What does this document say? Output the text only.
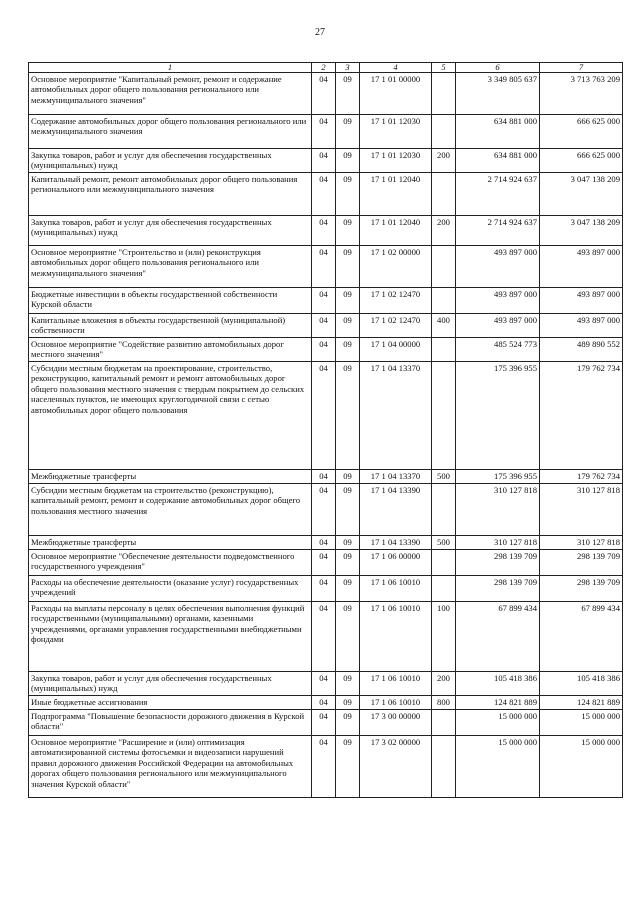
27
1	2	3	4	5	6	7
Основное мероприятие "Капитальный ремонт, ремонт и содержание автомобильных дорог общего пользования регионального или межмуниципального значения"	04	09	17 1 01 00000		3 349 805 637	3 713 763 209
Содержание автомобильных дорог общего пользования регионального или межмуниципального значения	04	09	17 1 01 12030		634 881 000	666 625 000
Закупка товаров, работ и услуг для обеспечения государственных (муниципальных) нужд	04	09	17 1 01 12030	200	634 881 000	666 625 000
Капитальный ремонт, ремонт автомобильных дорог общего пользования регионального или межмуниципального значения	04	09	17 1 01 12040		2 714 924 637	3 047 138 209
Закупка товаров, работ и услуг для обеспечения государственных (муниципальных) нужд	04	09	17 1 01 12040	200	2 714 924 637	3 047 138 209
Основное мероприятие "Строительство и (или) реконструкция автомобильных дорог общего пользования регионального или межмуниципального значения"	04	09	17 1 02 00000		493 897 000	493 897 000
Бюджетные инвестиции в объекты государственной собственности Курской области	04	09	17 1 02 12470		493 897 000	493 897 000
Капитальные вложения в объекты государственной (муниципальной) собственности	04	09	17 1 02 12470	400	493 897 000	493 897 000
Основное мероприятие "Содействие развитию автомобильных дорог местного значения"	04	09	17 1 04 00000		485 524 773	489 890 552
Субсидии местным бюджетам на проектирование, строительство, реконструкцию, капитальный ремонт и ремонт автомобильных дорог общего пользования местного значения с твердым покрытием до сельских населенных пунктов, не имеющих круглогодичной связи с сетью автомобильных дорог общего пользования	04	09	17 1 04 13370		175 396 955	179 762 734
Межбюджетные трансферты	04	09	17 1 04 13370	500	175 396 955	179 762 734
Субсидии местным бюджетам на строительство (реконструкцию), капитальный ремонт, ремонт и содержание автомобильных дорог общего пользования местного значения	04	09	17 1 04 13390		310 127 818	310 127 818
Межбюджетные трансферты	04	09	17 1 04 13390	500	310 127 818	310 127 818
Основное мероприятие "Обеспечение деятельности подведомственного государственного учреждения"	04	09	17 1 06 00000		298 139 709	298 139 709
Расходы на обеспечение деятельности (оказание услуг) государственных учреждений	04	09	17 1 06 10010		298 139 709	298 139 709
Расходы на выплаты персоналу в целях обеспечения выполнения функций государственными (муниципальными) органами, казенными учреждениями, органами управления государственными внебюджетными фондами	04	09	17 1 06 10010	100	67 899 434	67 899 434
Закупка товаров, работ и услуг для обеспечения государственных (муниципальных) нужд	04	09	17 1 06 10010	200	105 418 386	105 418 386
Иные бюджетные ассигнования	04	09	17 1 06 10010	800	124 821 889	124 821 889
Подпрограмма "Повышение безопасности дорожного движения в Курской области"	04	09	17 3 00 00000		15 000 000	15 000 000
Основное мероприятие "Расширение и (или) оптимизация автоматизированной системы фотосъемки и видеозаписи нарушений правил дорожного движения Российской Федерации на автомобильных дорогах общего пользования регионального или межмуниципального значения Курской области"	04	09	17 3 02 00000		15 000 000	15 000 000
